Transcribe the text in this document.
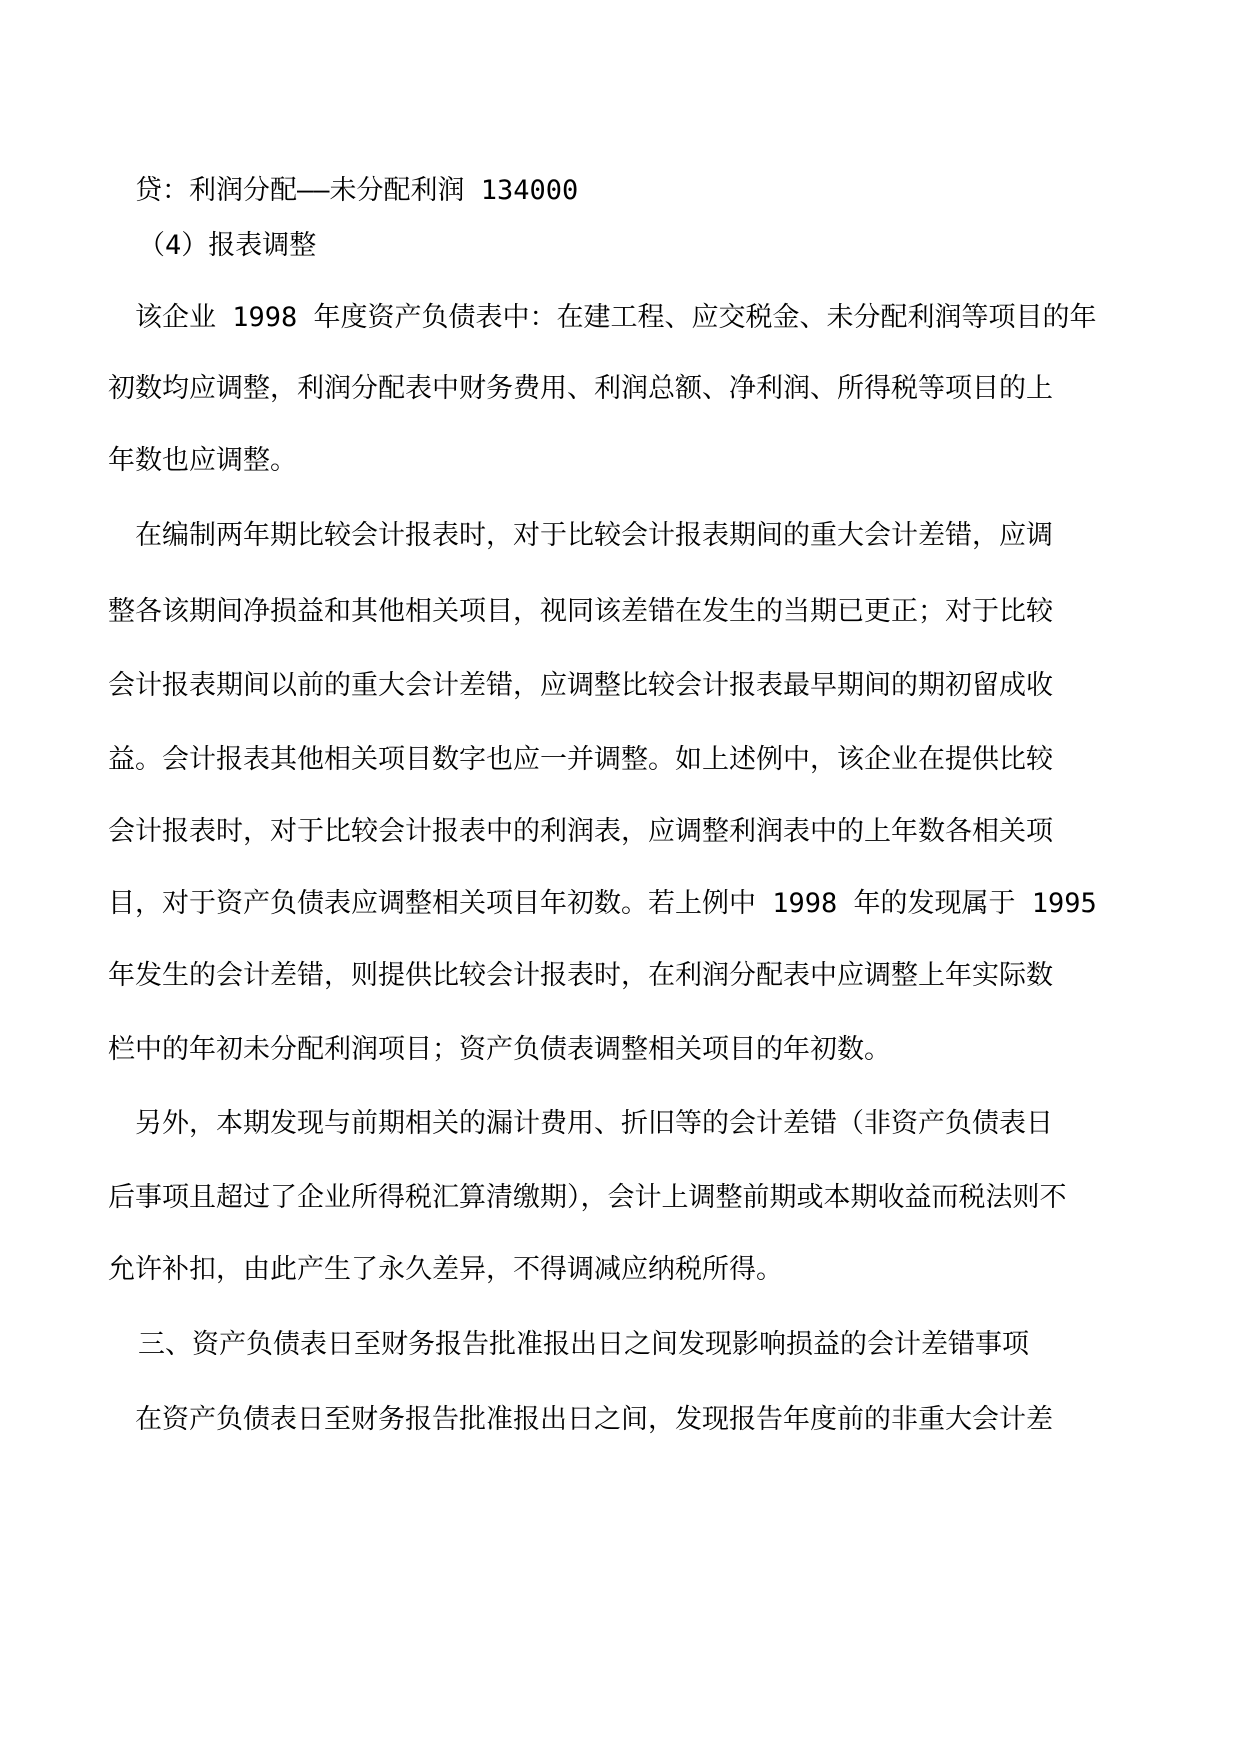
贷：利润分配——未分配利润 134000
（4）报表调整
该企业 1998 年度资产负债表中：在建工程、应交税金、未分配利润等项目的年
初数均应调整，利润分配表中财务费用、利润总额、净利润、所得税等项目的上
年数也应调整。
在编制两年期比较会计报表时，对于比较会计报表期间的重大会计差错，应调
整各该期间净损益和其他相关项目，视同该差错在发生的当期已更正；对于比较
会计报表期间以前的重大会计差错，应调整比较会计报表最早期间的期初留成收
益。会计报表其他相关项目数字也应一并调整。如上述例中，该企业在提供比较
会计报表时，对于比较会计报表中的利润表，应调整利润表中的上年数各相关项
目，对于资产负债表应调整相关项目年初数。若上例中 1998 年的发现属于 1995
年发生的会计差错，则提供比较会计报表时，在利润分配表中应调整上年实际数
栏中的年初未分配利润项目；资产负债表调整相关项目的年初数。
另外，本期发现与前期相关的漏计费用、折旧等的会计差错（非资产负债表日
后事项且超过了企业所得税汇算清缴期），会计上调整前期或本期收益而税法则不
允许补扣，由此产生了永久差异，不得调减应纳税所得。
三、资产负债表日至财务报告批准报出日之间发现影响损益的会计差错事项
在资产负债表日至财务报告批准报出日之间，发现报告年度前的非重大会计差
